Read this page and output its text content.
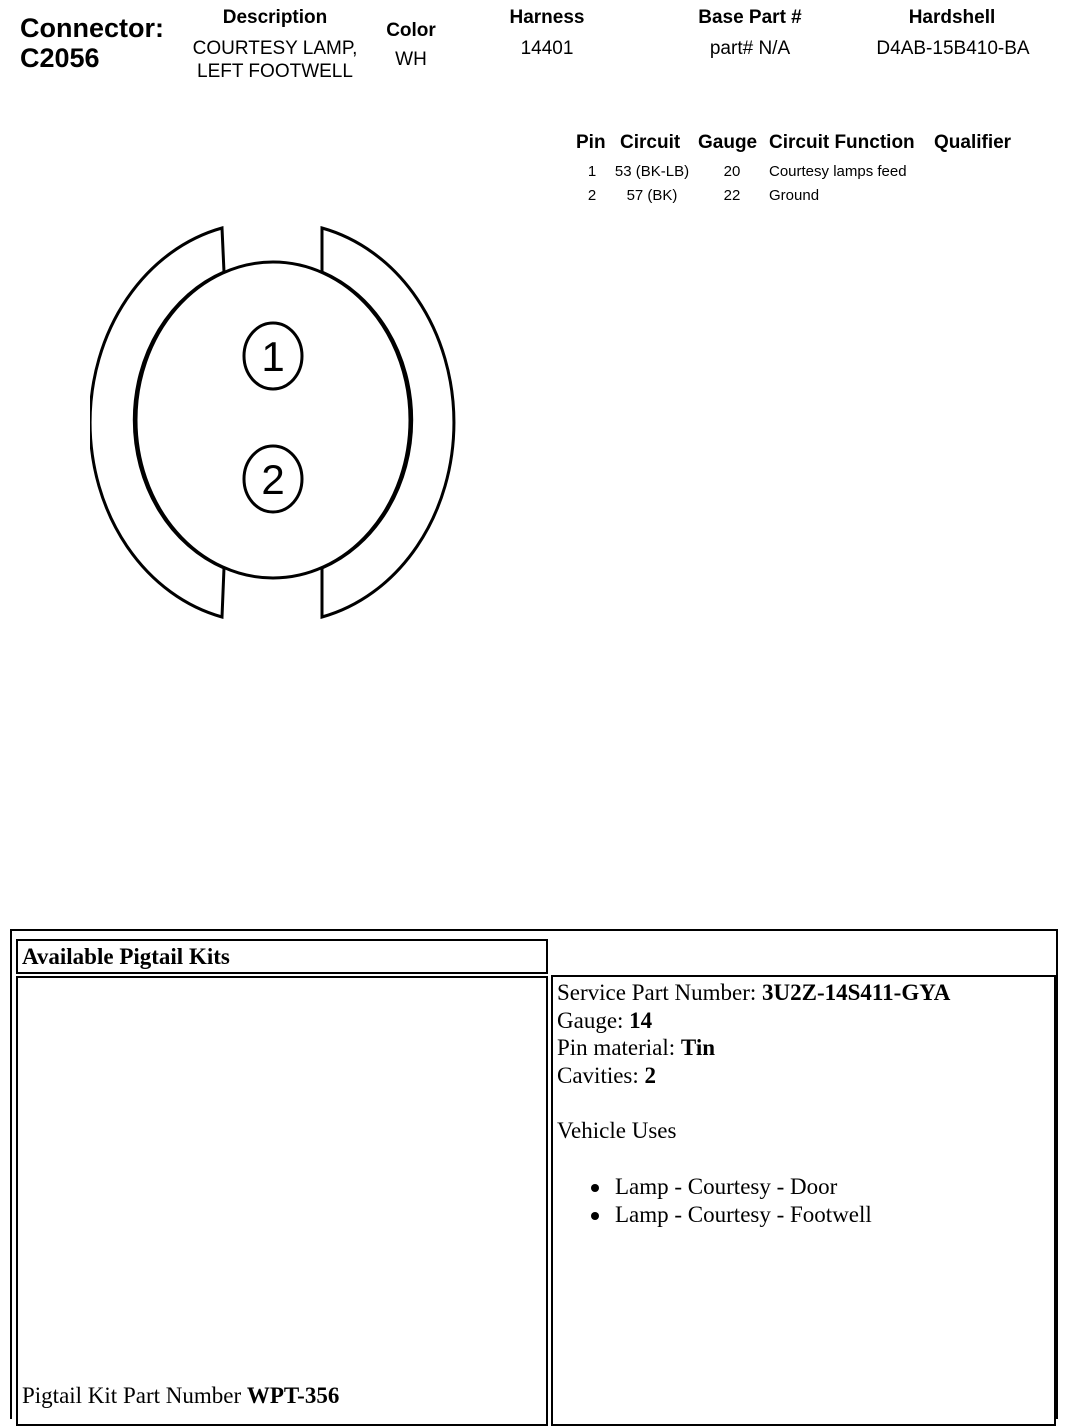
Connector:
C2056
Description
COURTESY LAMP,
LEFT FOOTWELL
Color
WH
Harness
14401
Base Part #
part# N/A
Hardshell
D4AB-15B410-BA
Pin Circuit Gauge Circuit Function Qualifier
1	53 (BK-LB)	20	Courtesy lamps feed
2	57 (BK)	22	Ground
1
2
Available Pigtail Kits
Pigtail Kit Part Number WPT-356
Service Part Number: 3U2Z-14S411-GYA
Gauge: 14
Pin material: Tin
Cavities: 2
Vehicle Uses
Lamp - Courtesy - Door
Lamp - Courtesy - Footwell
